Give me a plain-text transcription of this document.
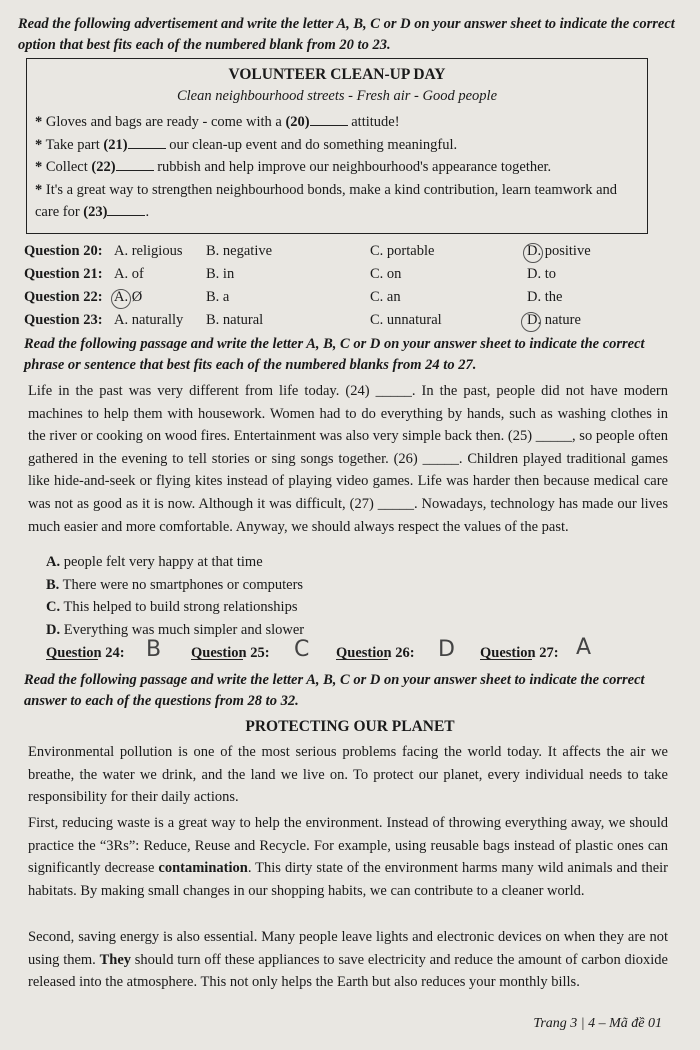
Read the following advertisement and write the letter A, B, C or D on your answer sheet to indicate the correct option that best fits each of the numbered blank from 20 to 23.

VOLUNTEER CLEAN-UP DAY

Clean neighbourhood streets - Fresh air - Good people

* Gloves and bags are ready - come with a (20)	attitude!

* Take part (21)	our clean-up event and do something meaningful.

* Collect (22)	rubbish and help improve our neighbourhood's appearance together.

* It's a great way to strengthen neighbourhood bonds, make a kind contribution, learn teamwork and care for (23)	.

Question 20: A. religious B. negative	C. portable	D. positive
Question 21: A. of	B. in	C. on	D. to
Question 22: A. Ø	B. a	C. an	D. the
Question 23: A. naturally B. natural	C. unnatural	D. nature

Read the following passage and write the letter A, B, C or D on your answer sheet to indicate the correct phrase or sentence that best fits each of the numbered blanks from 24 to 27.

Life in the past was very different from life today. (24) _____. In the past, people did not have modern machines to help them with housework. Women had to do everything by hands, such as washing clothes in the river or cooking on wood fires. Entertainment was also very simple back then. (25) _____, so people often gathered in the evening to tell stories or sing songs together. (26) _____. Children played traditional games like hide-and-seek or flying kites instead of playing video games. Life was harder then because medical care was not as good as it is now. Although it was difficult, (27) _____. Nowadays, technology has made our lives much easier and more comfortable. Anyway, we should always respect the values of the past.

A. people felt very happy at that time
B. There were no smartphones or computers
C. This helped to build strong relationships
D. Everything was much simpler and slower
Question 24: B Question 25: C Question 26: D Question 27: A

Read the following passage and write the letter A, B, C or D on your answer sheet to indicate the correct answer to each of the questions from 28 to 32.

PROTECTING OUR PLANET

Environmental pollution is one of the most serious problems facing the world today. It affects the air we breathe, the water we drink, and the land we live on. To protect our planet, every individual needs to take responsibility for their daily actions.

First, reducing waste is a great way to help the environment. Instead of throwing everything away, we should practice the “3Rs”: Reduce, Reuse and Recycle. For example, using reusable bags instead of plastic ones can significantly decrease contamination. This dirty state of the environment harms many wild animals and their habitats. By making small changes in our shopping habits, we can contribute to a cleaner world.

Second, saving energy is also essential. Many people leave lights and electronic devices on when they are not using them. They should turn off these appliances to save electricity and reduce the amount of carbon dioxide released into the atmosphere. This not only helps the Earth but also reduces your monthly bills.

Trang 3 | 4 – Mã đề 01
